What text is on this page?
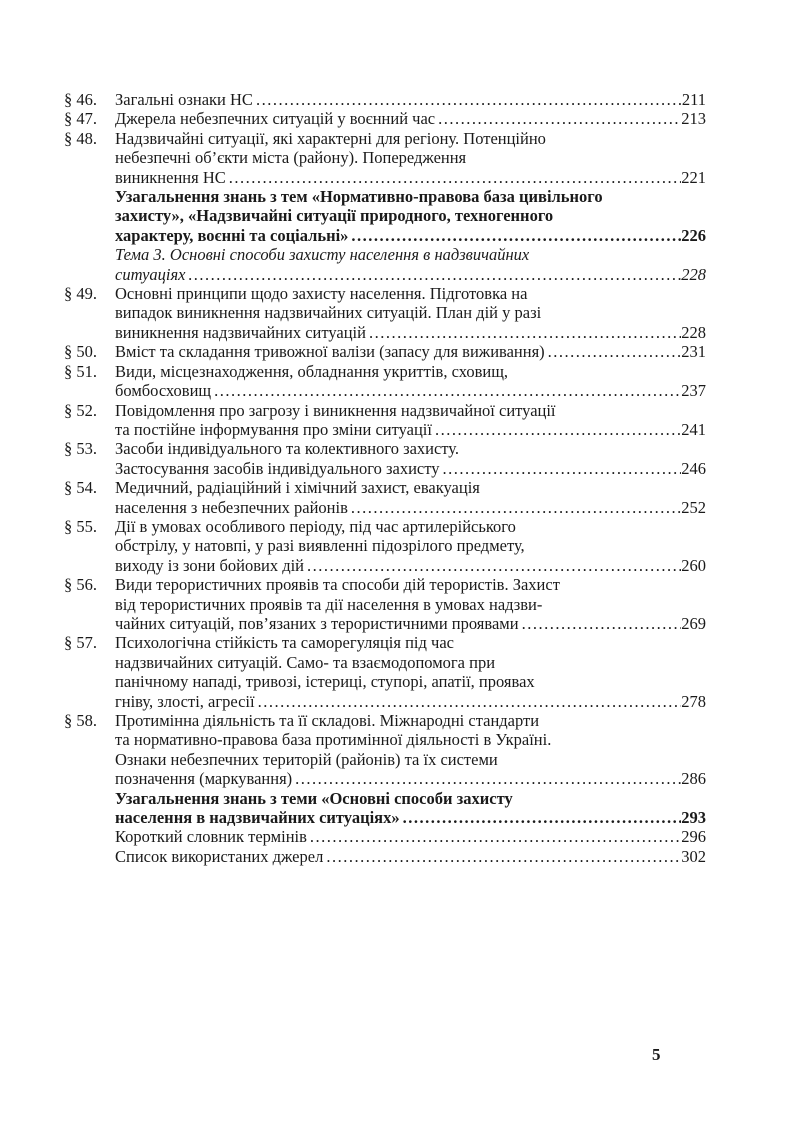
§ 46.	Загальні ознаки НС .....	211
§ 47.	Джерела небезпечних ситуацій у воєнний час .....	213
§ 48.	Надзвичайні ситуації, які характерні для регіону. Потенційно
небезпечні об’єкти міста (району). Попередження
виникнення НС .....	221
Узагальнення знань з тем «Нормативно-правова база цивільного
захисту», «Надзвичайні ситуації природного, техногенного
характеру, воєнні та соціальні» .....	226
Тема 3. Основні способи захисту населення в надзвичайних
ситуаціях .....	228
§ 49.	Основні принципи щодо захисту населення. Підготовка на
випадок виникнення надзвичайних ситуацій. План дій у разі
виникнення надзвичайних ситуацій .....	228
§ 50.	Вміст та складання тривожної валізи (запасу для виживання) .....	231
§ 51.	Види, місцезнаходження, обладнання укриттів, сховищ,
бомбосховищ .....	237
§ 52.	Повідомлення про загрозу і виникнення надзвичайної ситуації
та постійне інформування про зміни ситуації .....	241
§ 53.	Засоби індивідуального та колективного захисту.
Застосування засобів індивідуального захисту .....	246
§ 54.	Медичний, радіаційний і хімічний захист, евакуація
населення з небезпечних районів .....	252
§ 55.	Дії в умовах особливого періоду, під час артилерійського
обстрілу, у натовпі, у разі виявленні підозрілого предмету,
виходу із зони бойових дій .....	260
§ 56.	Види терористичних проявів та способи дій терористів. Захист
від терористичних проявів та дії населення в умовах надзви-
чайних ситуацій, пов’язаних з терористичними проявами .....	269
§ 57.	Психологічна стійкість та саморегуляція під час
надзвичайних ситуацій. Само- та взаємодопомога при
панічному нападі, тривозі, істериці, ступорі, апатії, проявах
гніву, злості, агресії .....	278
§ 58.	Протимінна діяльність та її складові. Міжнародні стандарти
та нормативно-правова база протимінної діяльності в Україні.
Ознаки небезпечних територій (районів) та їх системи
позначення (маркування) .....	286
Узагальнення знань з теми «Основні способи захисту
населення в надзвичайних ситуаціях» .....	293
Короткий словник термінів .....	296
Список використаних джерел .....	302
5
